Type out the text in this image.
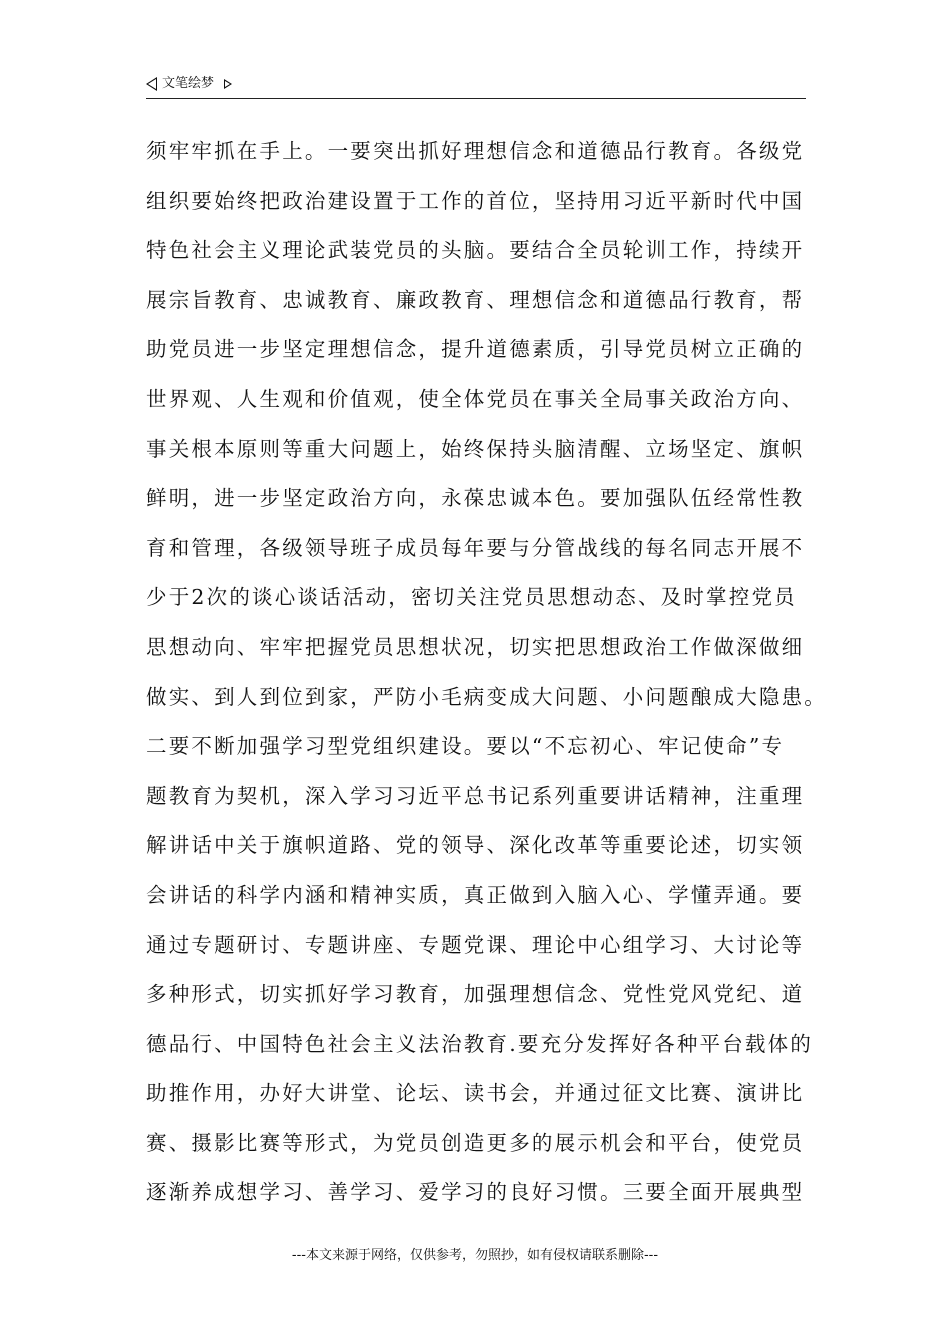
文笔绘梦
须牢牢抓在手上。一要突出抓好理想信念和道德品行教育。各级党
组织要始终把政治建设置于工作的首位，坚持用习近平新时代中国
特色社会主义理论武装党员的头脑。要结合全员轮训工作，持续开
展宗旨教育、忠诚教育、廉政教育、理想信念和道德品行教育，帮
助党员进一步坚定理想信念，提升道德素质，引导党员树立正确的
世界观、人生观和价值观，使全体党员在事关全局事关政治方向、
事关根本原则等重大问题上，始终保持头脑清醒、立场坚定、旗帜
鲜明，进一步坚定政治方向，永葆忠诚本色。要加强队伍经常性教
育和管理，各级领导班子成员每年要与分管战线的每名同志开展不
少于2次的谈心谈话活动，密切关注党员思想动态、及时掌控党员
思想动向、牢牢把握党员思想状况，切实把思想政治工作做深做细
做实、到人到位到家，严防小毛病变成大问题、小问题酿成大隐患。
二要不断加强学习型党组织建设。要以“不忘初心、牢记使命”专
题教育为契机，深入学习习近平总书记系列重要讲话精神，注重理
解讲话中关于旗帜道路、党的领导、深化改革等重要论述，切实领
会讲话的科学内涵和精神实质，真正做到入脑入心、学懂弄通。要
通过专题研讨、专题讲座、专题党课、理论中心组学习、大讨论等
多种形式，切实抓好学习教育，加强理想信念、党性党风党纪、道
德品行、中国特色社会主义法治教育.要充分发挥好各种平台载体的
助推作用，办好大讲堂、论坛、读书会，并通过征文比赛、演讲比
赛、摄影比赛等形式，为党员创造更多的展示机会和平台，使党员
逐渐养成想学习、善学习、爱学习的良好习惯。三要全面开展典型
---本文来源于网络，仅供参考，勿照抄，如有侵权请联系删除---
